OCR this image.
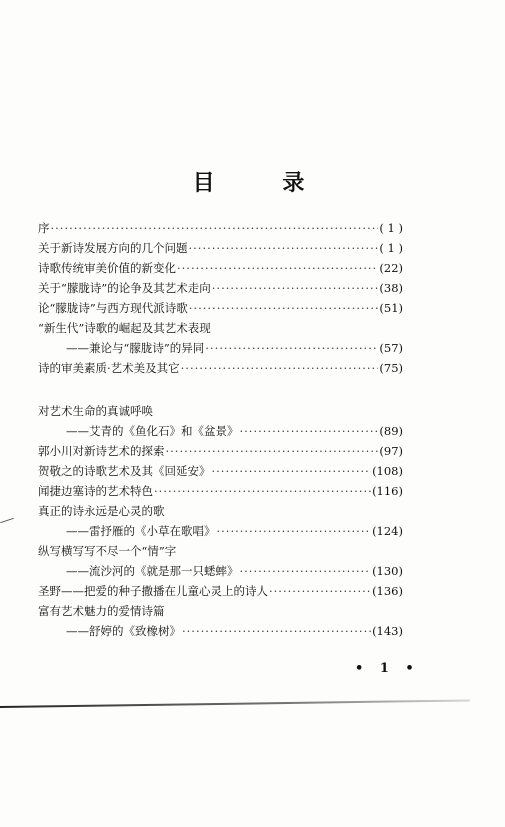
目 录
序 ·····	( 1 )
关于新诗发展方向的几个问题 ·····	( 1 )
诗歌传统审美价值的新变化 ·····	(22)
关于“朦胧诗”的论争及其艺术走向 ·····	(38)
论“朦胧诗”与西方现代派诗歌 ·····	(51)
“新生代”诗歌的崛起及其艺术表现
——兼论与“朦胧诗”的异同 ·····	(57)
诗的审美素质·艺术美及其它 ·····	(75)
对艺术生命的真诚呼唤
——艾青的《鱼化石》和《盆景》 ·····	(89)
郭小川对新诗艺术的探索 ·····	(97)
贺敬之的诗歌艺术及其《回延安》 ·····	(108)
闻捷边塞诗的艺术特色 ·····	(116)
真正的诗永远是心灵的歌
——雷抒雁的《小草在歌唱》 ·····	(124)
纵写横写写不尽一个“情”字
——流沙河的《就是那一只蟋蟀》 ·····	(130)
圣野——把爱的种子撒播在儿童心灵上的诗人 ·····	(136)
富有艺术魅力的爱情诗篇
——舒婷的《致橡树》 ·····	(143)
• 1 •
